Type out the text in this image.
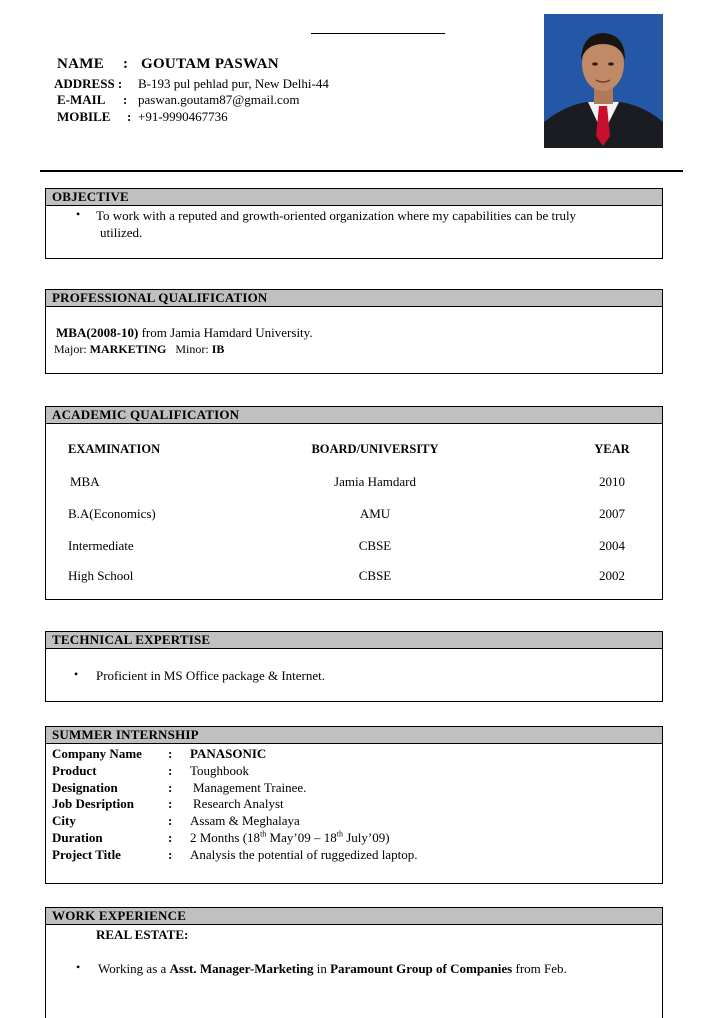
NAME : GOUTAM PASWAN
ADDRESS : B-193 pul pehlad pur, New Delhi-44
E-MAIL : paswan.goutam87@gmail.com
MOBILE : +91-9990467736
OBJECTIVE
• To work with a reputed and growth-oriented organization where my capabilities can be truly
utilized.
PROFESSIONAL QUALIFICATION
MBA(2008-10) from Jamia Hamdard University.
Major: MARKETING Minor: IB
ACADEMIC QUALIFICATION
EXAMINATION	BOARD/UNIVERSITY	YEAR
MBA	Jamia Hamdard	2010
B.A(Economics)	AMU	2007
Intermediate	CBSE	2004
High School	CBSE	2002
TECHNICAL EXPERTISE
• Proficient in MS Office package & Internet.
SUMMER INTERNSHIP
Company Name : PANASONIC
Product	: Toughbook
Designation	: Management Trainee.
Job Desription	: Research Analyst
City	: Assam & Meghalaya
Duration	: 2 Months (18th May’09 – 18th July’09)
Project Title	: Analysis the potential of ruggedized laptop.
WORK EXPERIENCE
REAL ESTATE:
• Working as a Asst. Manager-Marketing in Paramount Group of Companies from Feb.
